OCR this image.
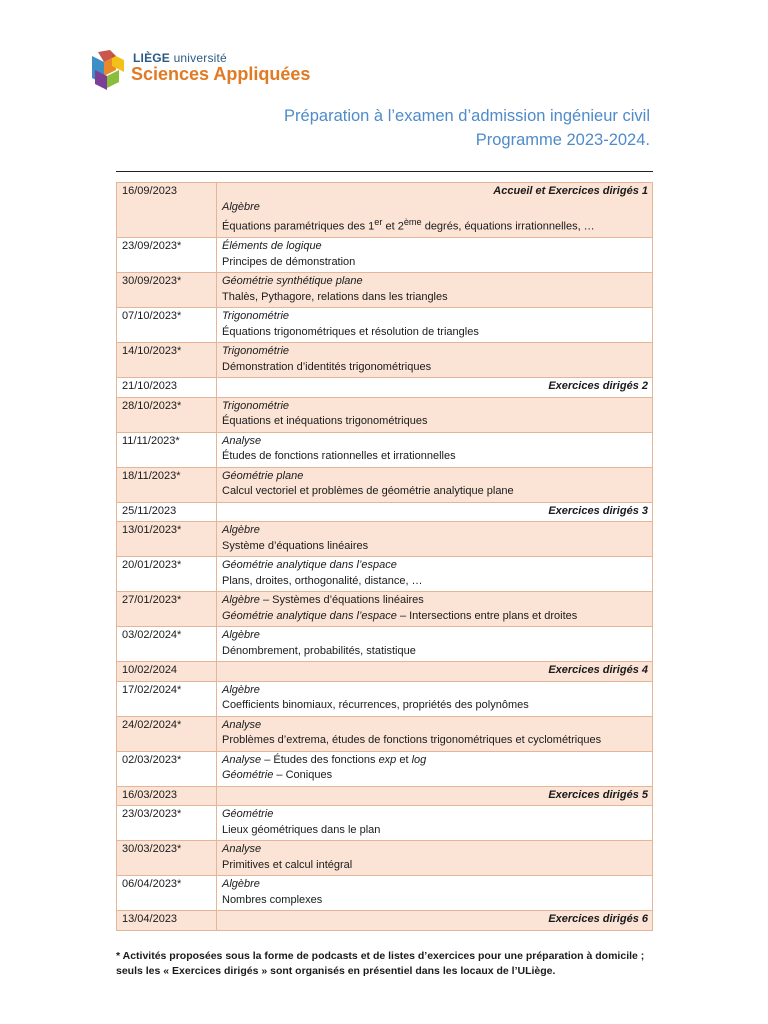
LIÈGE université
Sciences Appliquées
Préparation à l’examen d’admission ingénieur civil
Programme 2023-2024.
16/09/2023	Accueil et Exercices dirigés 1
Algèbre
Équations paramétriques des 1er et 2ème degrés, équations irrationnelles, …

23/09/2023*	Éléments de logique
Principes de démonstration

30/09/2023*	Géométrie synthétique plane
Thalès, Pythagore, relations dans les triangles

07/10/2023*	Trigonométrie
Équations trigonométriques et résolution de triangles

14/10/2023*	Trigonométrie
Démonstration d’identités trigonométriques

21/10/2023	Exercices dirigés 2

28/10/2023*	Trigonométrie
Équations et inéquations trigonométriques

11/11/2023*	Analyse
Études de fonctions rationnelles et irrationnelles

18/11/2023*	Géométrie plane
Calcul vectoriel et problèmes de géométrie analytique plane

25/11/2023	Exercices dirigés 3

13/01/2023*	Algèbre
Système d’équations linéaires

20/01/2023*	Géométrie analytique dans l’espace
Plans, droites, orthogonalité, distance, …

27/01/2023*	Algèbre – Systèmes d’équations linéaires
Géométrie analytique dans l’espace – Intersections entre plans et droites

03/02/2024*	Algèbre
Dénombrement, probabilités, statistique

10/02/2024	Exercices dirigés 4

17/02/2024*	Algèbre
Coefficients binomiaux, récurrences, propriétés des polynômes

24/02/2024*	Analyse
Problèmes d’extrema, études de fonctions trigonométriques et cyclométriques

02/03/2023*	Analyse – Études des fonctions exp et log
Géométrie – Coniques

16/03/2023	Exercices dirigés 5

23/03/2023*	Géométrie
Lieux géométriques dans le plan

30/03/2023*	Analyse
Primitives et calcul intégral

06/04/2023*	Algèbre
Nombres complexes

13/04/2023	Exercices dirigés 6
* Activités proposées sous la forme de podcasts et de listes d’exercices pour une préparation à domicile ; seuls les « Exercices dirigés » sont organisés en présentiel dans les locaux de l’ULiège.
